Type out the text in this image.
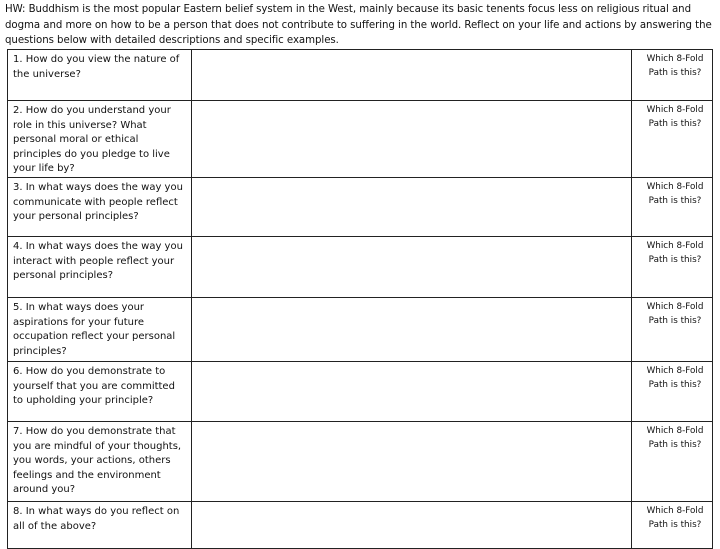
HW: Buddhism is the most popular Eastern belief system in the West, mainly because its basic tenents focus less on religious ritual and dogma and more on how to be a person that does not contribute to suffering in the world. Reflect on your life and actions by answering the questions below with detailed descriptions and specific examples.
1. How do you view the nature of the universe?		Which 8-Fold Path is this?

2. How do you understand your role in this universe? What personal moral or ethical principles do you pledge to live your life by?		Which 8-Fold Path is this?

3. In what ways does the way you communicate with people reflect your personal principles?		Which 8-Fold Path is this?

4. In what ways does the way you interact with people reflect your personal principles?		Which 8-Fold Path is this?

5. In what ways does your aspirations for your future occupation reflect your personal principles?		Which 8-Fold Path is this?

6. How do you demonstrate to yourself that you are committed to upholding your principle?		Which 8-Fold Path is this?

7. How do you demonstrate that you are mindful of your thoughts, you words, your actions, others feelings and the environment around you?		Which 8-Fold Path is this?

8. In what ways do you reflect on all of the above?		Which 8-Fold Path is this?
